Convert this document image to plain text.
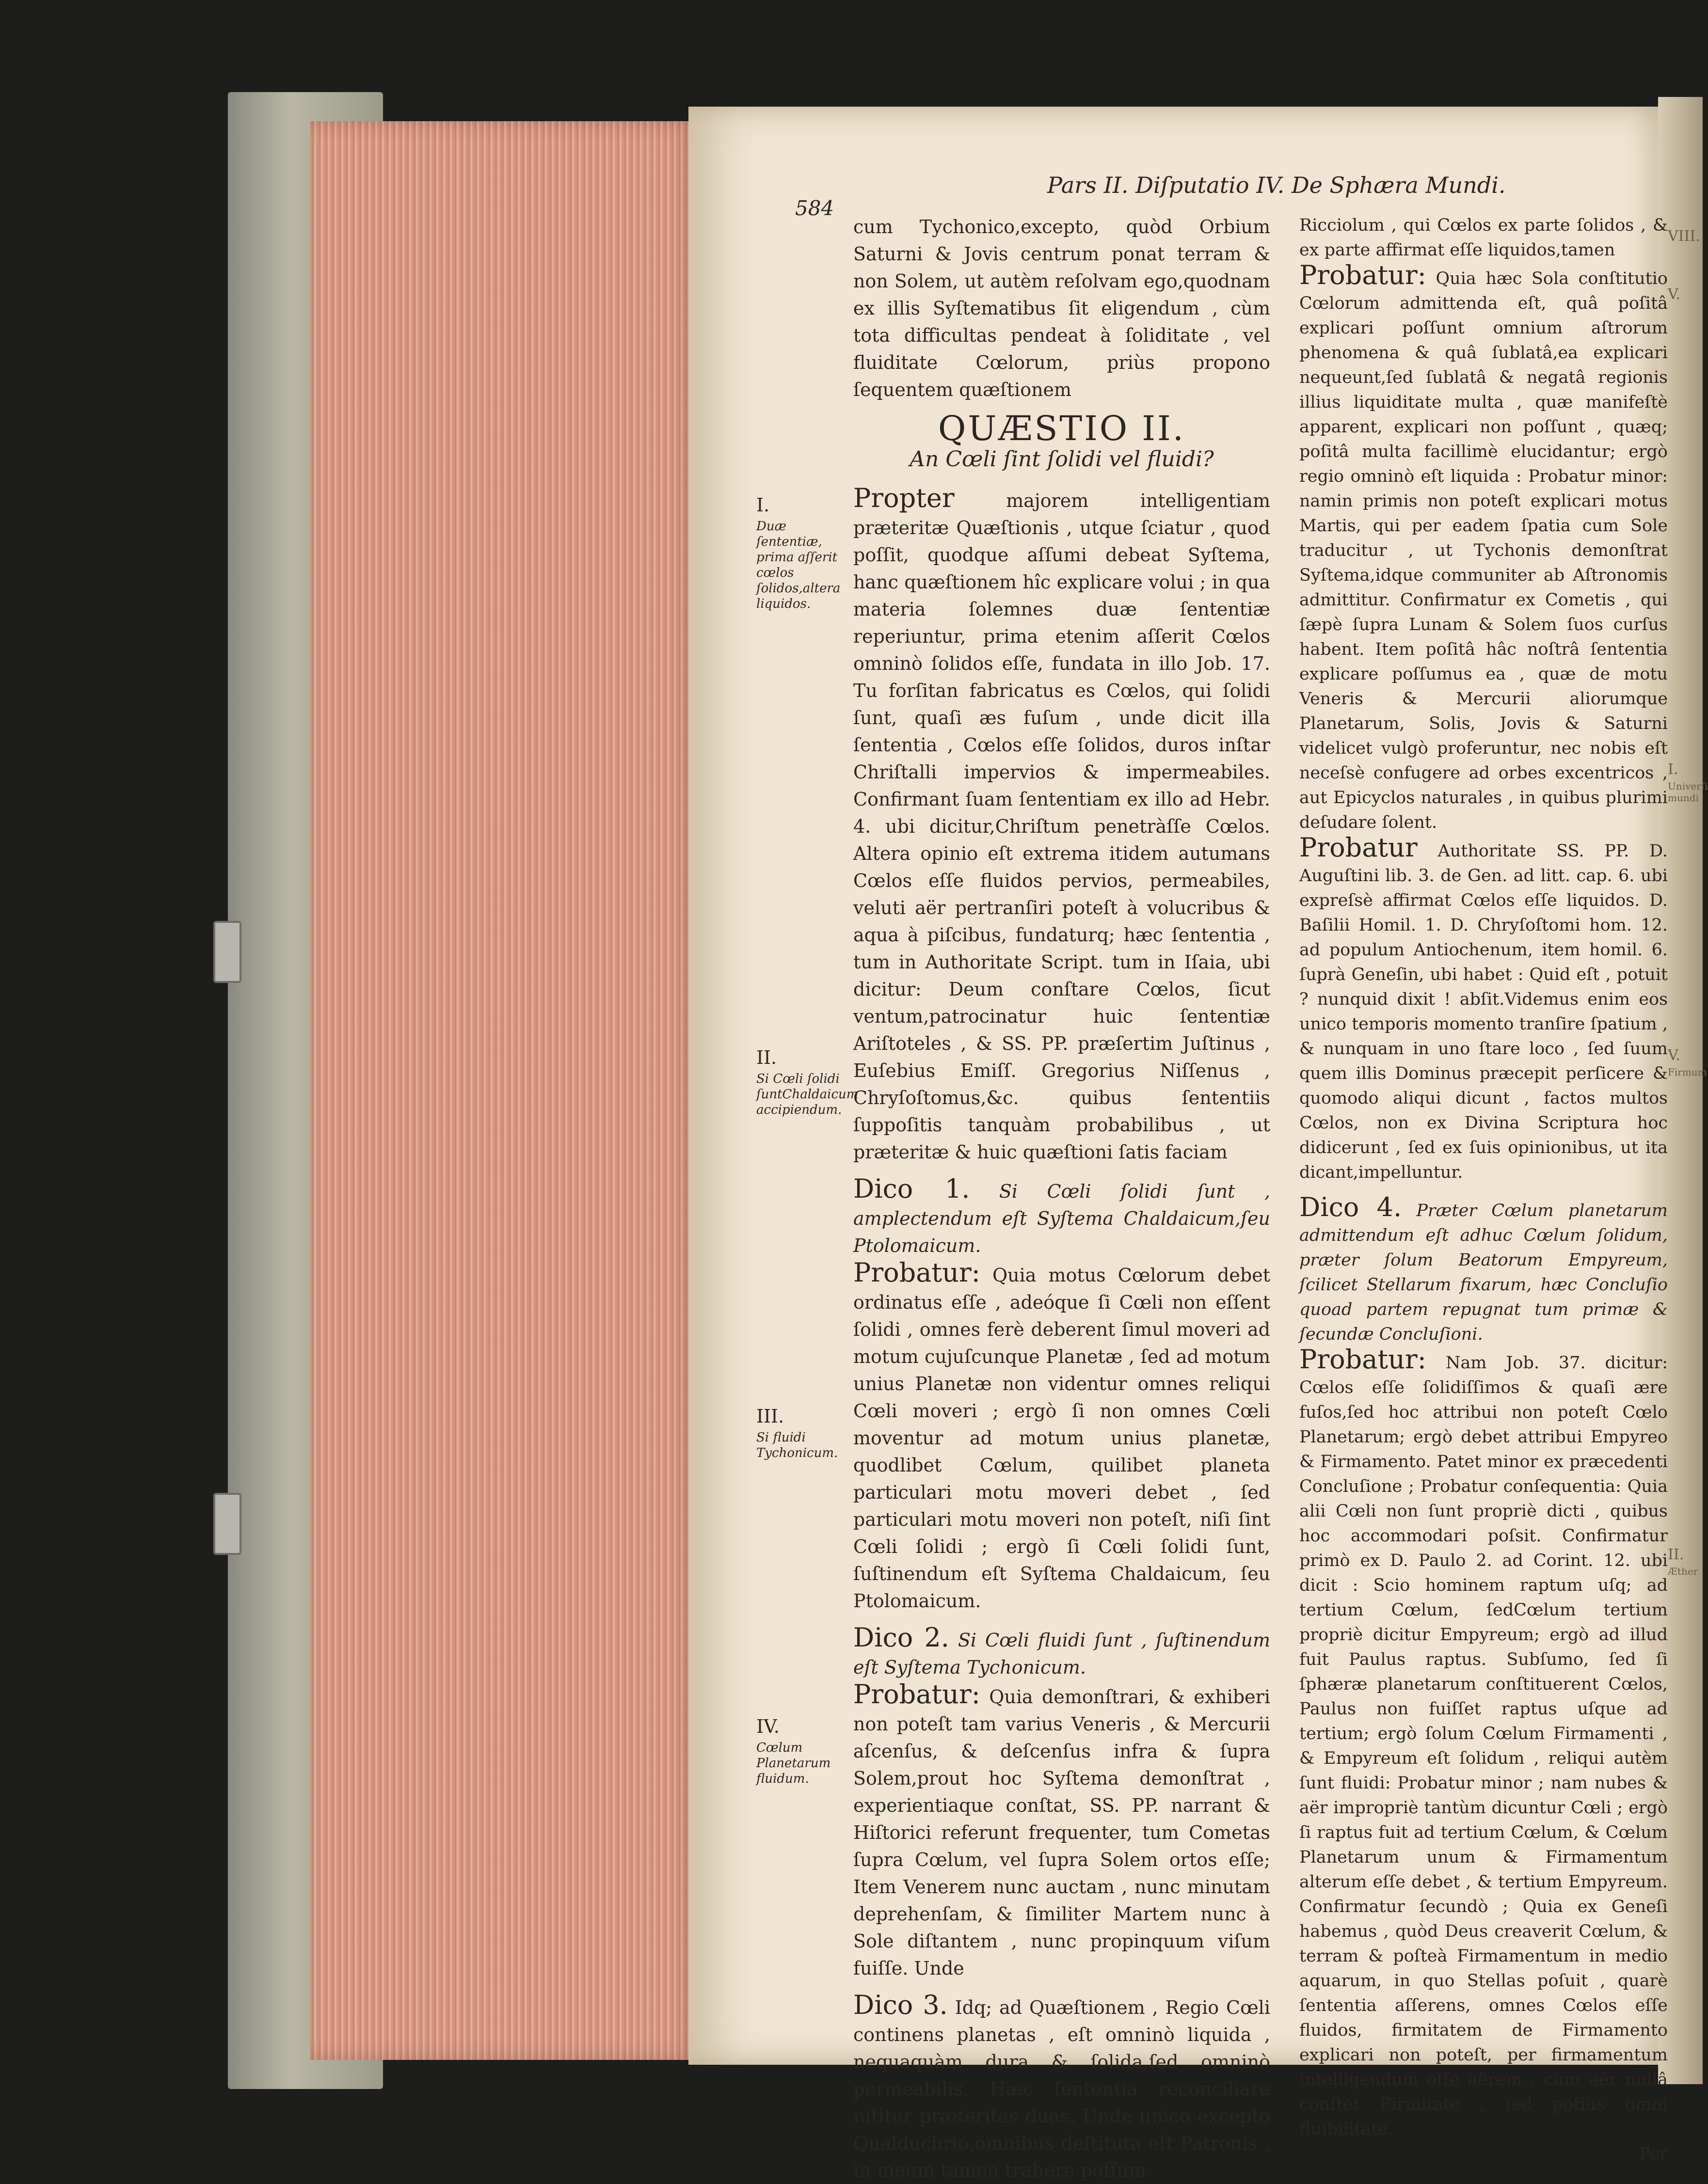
Pars II. Diſputatio IV. De Sphæra Mundi.
584

cum Tychonico,excepto, quòd Orbium Saturni & Jovis centrum ponat terram & non Solem, ut autèm reſolvam ego,quodnam ex illis Syſtematibus ſit eligendum , cùm tota difficultas pendeat à ſoliditate , vel fluiditate Cœlorum, priùs propono ſequentem quæſtionem

QUÆSTIO II.
An Cœli ſint ſolidi vel fluidi?

Propter	majorem intelligentiam præteritæ Quæſtionis , utque ſciatur , quod poſſit, quodque aſſumi debeat Syſtema, hanc quæſtionem hîc explicare volui ; in qua materia ſolemnes duæ ſententiæ reperiuntur, prima etenim aſſerit Cœlos omninò ſolidos eſſe, fundata in illo Job. 17. Tu forſitan fabricatus es Cœlos, qui ſolidi ſunt, quaſi æs fuſum , unde dicit illa ſententia , Cœlos eſſe ſolidos, duros inſtar Chriſtalli impervios & impermeabiles. Confirmant ſuam ſententiam ex illo ad Hebr. 4. ubi dicitur,Chriſtum penetràſſe Cœlos. Altera opinio eſt extrema itidem autumans Cœlos eſſe fluidos pervios, permeabiles, veluti aër pertranſiri poteſt à volucribus & aqua à piſcibus, fundaturq; hæc ſententia , tum in Authoritate Script. tum in Iſaia, ubi dicitur: Deum conſtare Cœlos, ſicut ventum,patrocinatur huic ſententiæ Ariſtoteles , & SS. PP. præſertim Juſtinus , Euſebius Emiſſ. Gregorius Niſſenus , Chryſoſtomus,&c. quibus ſententiis ſuppoſitis tanquàm probabilibus , ut præteritæ & huic quæſtioni ſatis faciam

Dico 1. Si Cœli ſolidi ſunt , amplectendum eſt Syſtema Chaldaicum,ſeu Ptolomaicum.

Probatur: Quia motus Cœlorum debet ordinatus eſſe , adeóque ſi Cœli non eſſent ſolidi , omnes ferè deberent ſimul moveri ad motum cujuſcunque Planetæ , ſed ad motum unius Planetæ non videntur omnes reliqui Cœli moveri ; ergò ſi non omnes Cœli moventur ad motum unius planetæ, quodlibet Cœlum, quilibet planeta particulari motu moveri debet , ſed particulari motu moveri non poteſt, niſi ſint Cœli ſolidi ; ergò ſi Cœli ſolidi ſunt, ſuſtinendum eſt Syſtema Chaldaicum, ſeu Ptolomaicum.

Dico 2. Si Cœli fluidi ſunt , ſuſtinendum eſt Syſtema Tychonicum.

Probatur: Quia demonſtrari, & exhiberi non poteſt tam varius Veneris , & Mercurii aſcenſus, & deſcenſus infra & ſupra Solem,prout hoc Syſtema demonſtrat , experientiaque conſtat, SS. PP. narrant & Hiſtorici referunt frequenter, tum Cometas ſupra Cœlum, vel ſupra Solem ortos eſſe; Item Venerem nunc auctam , nunc minutam deprehenſam, & ſimiliter Martem nunc à Sole diſtantem , nunc propinquum viſum fuiſſe. Unde

Dico 3. Idq; ad Quæſtionem , Regio Cœli continens planetas , eſt omninò liquida , nequaquàm dura & ſolida,ſed omninò permeabilis. Hæc ſententia reconciliare nititur præteritas duas. Unde unico excepto Qualduchrio,omnibus deſtituta eſt Patronis , in meum tamen trahere poſſum

Ricciolum , qui Cœlos ex parte ſolidos , & ex parte affirmat eſſe liquidos,tamen

Probatur: Quia hæc Sola conſtitutio Cœlorum admittenda eſt, quâ poſitâ explicari poſſunt omnium aſtrorum phenomena & quâ ſublatâ,ea explicari nequeunt,ſed ſublatâ & negatâ regionis illius liquiditate multa , quæ manifeſtè apparent, explicari non poſſunt , quæq; poſitâ multa facillimè elucidantur; ergò regio omninò eſt liquida : Probatur minor: namin primis non poteſt explicari motus Martis, qui per eadem ſpatia cum Sole traducitur , ut Tychonis demonſtrat Syſtema,idque communiter ab Aſtronomis admittitur. Confirmatur ex Cometis , qui ſæpè ſupra Lunam & Solem ſuos curſus habent. Item poſitâ hâc noſtrâ ſententia explicare poſſumus ea , quæ de motu Veneris & Mercurii aliorumque Planetarum, Solis, Jovis & Saturni videlicet vulgò proferuntur, nec nobis eſt neceſsè confugere ad orbes excentricos , aut Epicyclos naturales , in quibus plurimi deſudare ſolent.

Probatur Authoritate SS. PP. D. Auguſtini lib. 3. de Gen. ad litt. cap. 6. ubi expreſsè affirmat Cœlos eſſe liquidos. D. Baſilii Homil. 1. D. Chryſoſtomi hom. 12. ad populum Antiochenum, item homil. 6. ſuprà Geneſin, ubi habet : Quid eſt , potuit ? nunquid dixit ! abſit.Videmus enim eos unico temporis momento tranſire ſpatium , & nunquam in uno ſtare loco , ſed ſuum quem illis Dominus præcepit perſicere & quomodo aliqui dicunt , factos multos Cœlos, non ex Divina Scriptura hoc didicerunt , ſed ex ſuis opinionibus, ut ita dicant,impelluntur.

Dico 4. Præter Cœlum planetarum admittendum eſt adhuc Cœlum ſolidum, præter ſolum Beatorum Empyreum, ſcilicet Stellarum fixarum, hæc Concluſio quoad partem repugnat tum primæ & ſecundæ Concluſioni.

Probatur: Nam Job. 37. dicitur: Cœlos eſſe ſolidiſſimos & quaſi ære fuſos,ſed hoc attribui non poteſt Cœlo Planetarum; ergò debet attribui Empyreo & Firmamento. Patet minor ex præcedenti Concluſione ; Probatur conſequentia: Quia alii Cœli non ſunt propriè dicti , quibus hoc accommodari poſsit. Confirmatur primò ex D. Paulo 2. ad Corint. 12. ubi dicit : Scio hominem raptum uſq; ad tertium Cœlum, ſedCœlum tertium propriè dicitur Empyreum; ergò ad illud fuit Paulus raptus. Subſumo, ſed ſi ſphæræ planetarum conſtituerent Cœlos, Paulus non fuiſſet raptus uſque ad tertium; ergò ſolum Cœlum Firmamenti , & Empyreum eſt ſolidum , reliqui autèm ſunt fluidi: Probatur minor ; nam nubes & aër impropriè tantùm dicuntur Cœli ; ergò ſi raptus fuit ad tertium Cœlum, & Cœlum Planetarum unum & Firmamentum alterum eſſe debet , & tertium Empyreum. Confirmatur ſecundò ; Quia ex Geneſi habemus , quòd Deus creaverit Cœlum, & terram & poſteà Firmamentum in medio aquarum, in quo Stellas poſuit , quarè ſententia aſſerens, omnes Cœlos eſſe fluidos, firmitatem de Firmamento explicari non poteſt, per firmamentum intelligendum eſſe aërem , cùm aër nullâ conſtet Firmitate , ſed potiùs omni fluibilitate.

Per

I.
Duæ ſententiæ, prima aſſerit cœlos ſolidos,altera liquidos.
II.
Si Cœli ſolidi ſuntChaldaicum accipiendum.
III.
Si fluidi Tychonicum.
IV.
Cœlum Planetarum fluidum.
VIII.
V.
I.
Univerſi mundi
V.
Firmum
II.
Æther
